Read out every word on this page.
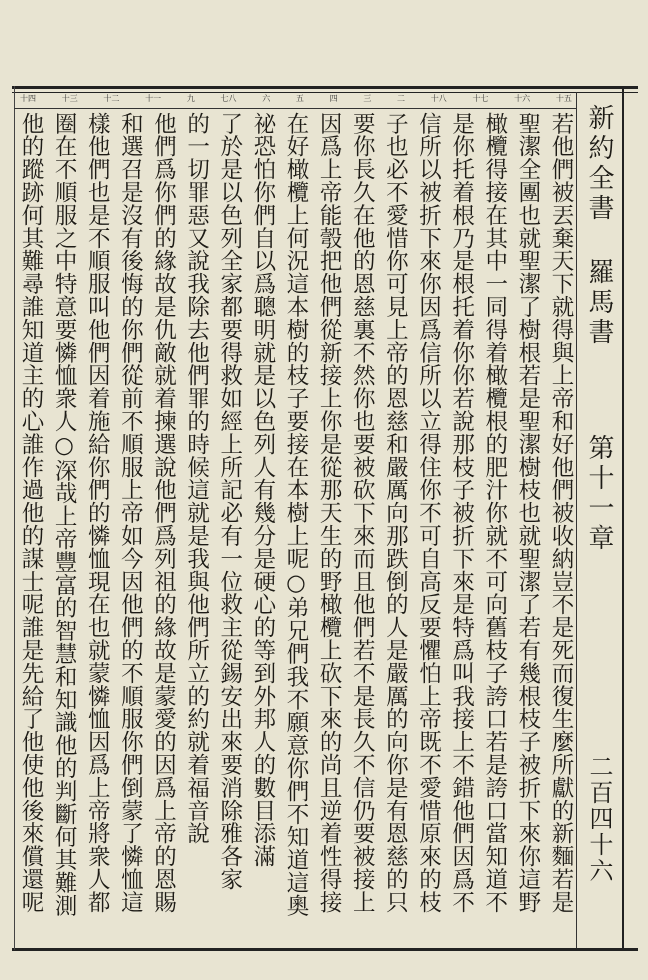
新約全書 羅馬書
第十一章
二百四十六
十五
十六
十七
十八
二
三
四
五
六
七八
九
十一
十二
十三
十四
若他們被丟棄天下就得與上帝和好他們被收納豈不是死而復生麼所獻的新麵若是
聖潔全團也就聖潔了樹根若是聖潔樹枝也就聖潔了若有幾根枝子被折下來你這野
橄欖得接在其中一同得着橄欖根的肥汁你就不可向舊枝子誇口若是誇口當知道不
是你托着根乃是根托着你你若說那枝子被折下來是特爲叫我接上不錯他們因爲不
信所以被折下來你因爲信所以立得住你不可自高反要懼怕上帝既不愛惜原來的枝
子也必不愛惜你可見上帝的恩慈和嚴厲向那跌倒的人是嚴厲的向你是有恩慈的只
要你長久在他的恩慈裏不然你也要被砍下來而且他們若不是長久不信仍要被接上
因爲上帝能彀把他們從新接上你是從那天生的野橄欖上砍下來的尚且逆着性得接
在好橄欖上何況這本樹的枝子要接在本樹上呢○弟兄們我不願意你們不知道這奧
祕恐怕你們自以爲聰明就是以色列人有幾分是硬心的等到外邦人的數目添滿
了於是以色列全家都要得救如經上所記必有一位救主從錫安出來要消除雅各家
的一切罪惡又說我除去他們罪的時候這就是我與他們所立的約就着福音說
他們爲你們的緣故是仇敵就着揀選說他們爲列祖的緣故是蒙愛的因爲上帝的恩賜
和選召是沒有後悔的你們從前不順服上帝如今因他們的不順服你們倒蒙了憐恤這
樣他們也是不順服叫他們因着施給你們的憐恤現在也就蒙憐恤因爲上帝將衆人都
圈在不順服之中特意要憐恤衆人○深哉上帝豐富的智慧和知識他的判斷何其難測
他的蹤跡何其難尋誰知道主的心誰作過他的謀士呢誰是先給了他使他後來償還呢
